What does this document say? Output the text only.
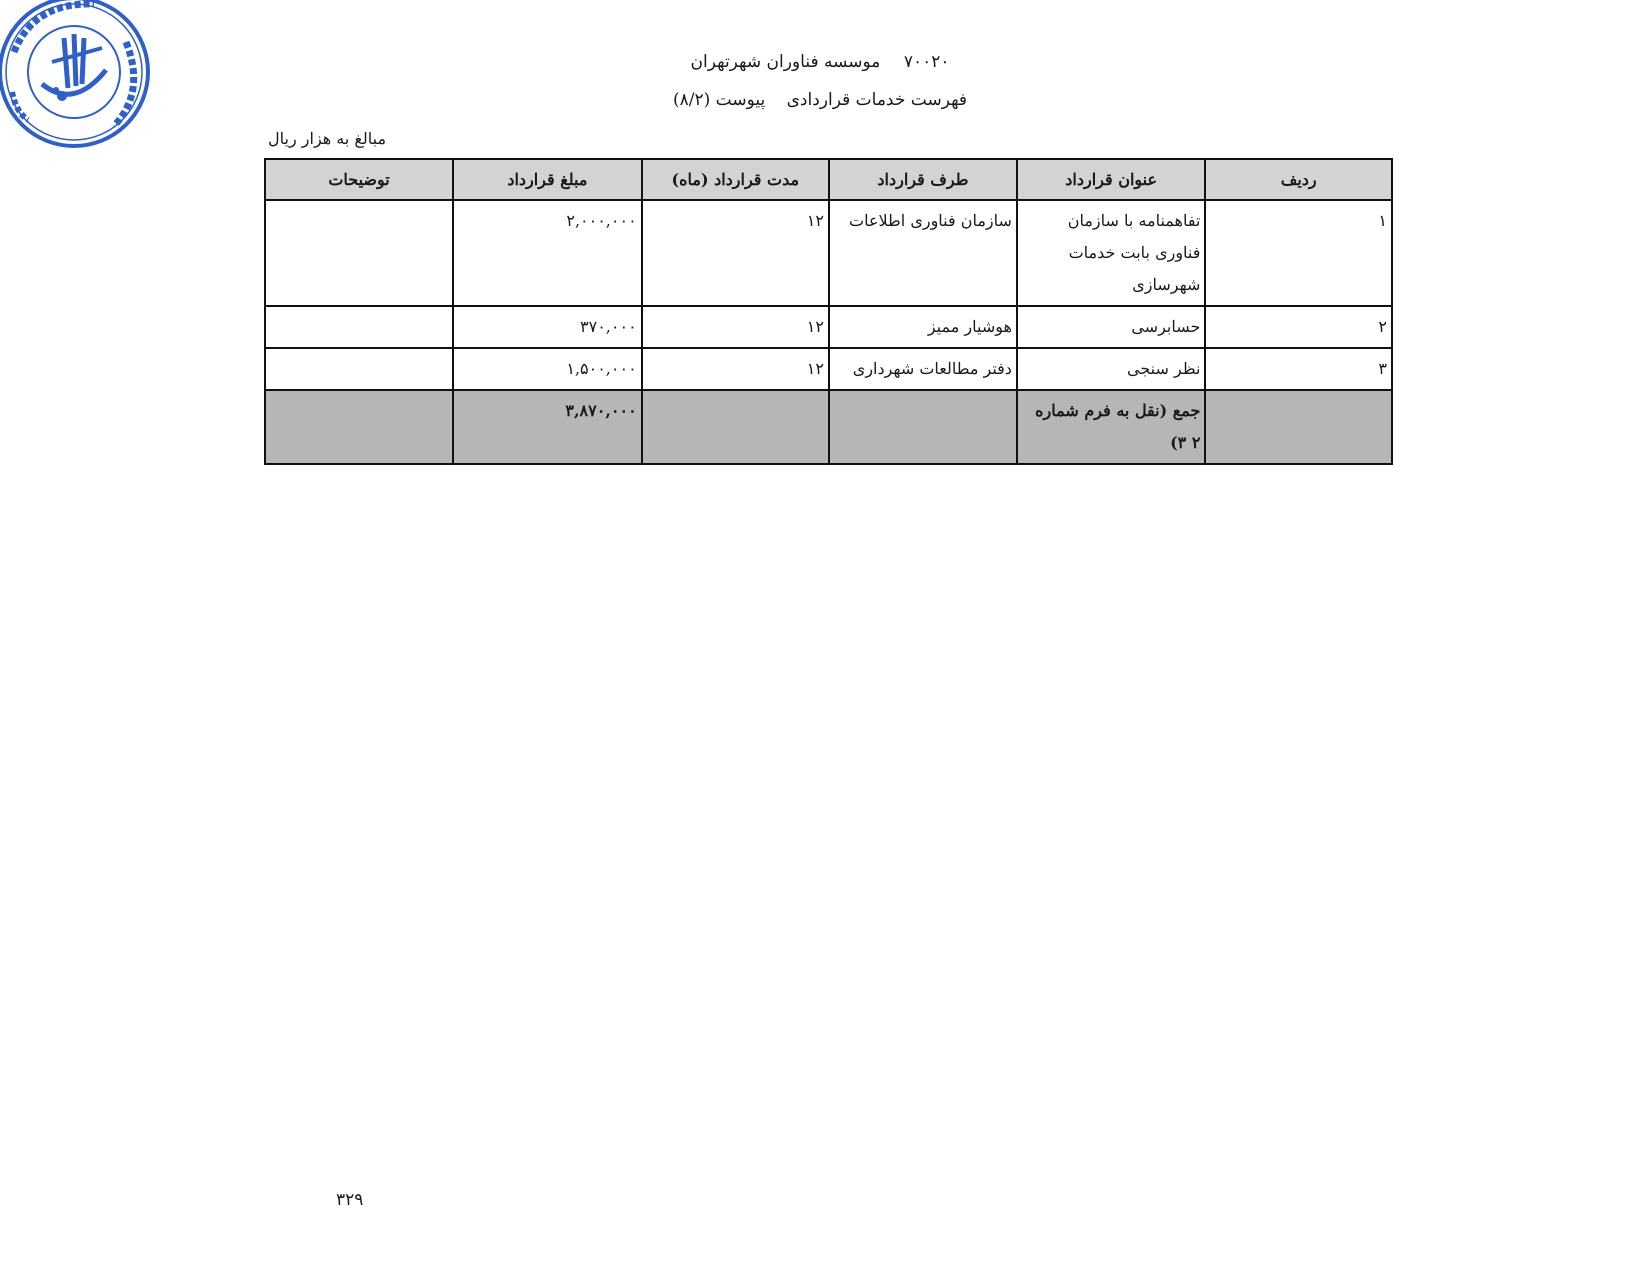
۷۰۰۲۰ موسسه فناوران شهرتهران
فهرست خدمات قراردادی پیوست (۸/۲)
مبالغ به هزار ریال
ردیف	عنوان قرارداد	طرف قرارداد	مدت قرارداد (ماه)	مبلغ قرارداد	توضیحات
۱	تفاهمنامه با سازمان فناوری بابت خدمات شهرسازی	سازمان فناوری اطلاعات	۱۲	۲,۰۰۰,۰۰۰	
۲	حسابرسی	هوشیار ممیز	۱۲	۳۷۰,۰۰۰	
۳	نظر سنجی	دفتر مطالعات شهرداری	۱۲	۱,۵۰۰,۰۰۰	
	جمع (نقل به فرم شماره ۲ ۳)			۳,۸۷۰,۰۰۰	
۳۲۹
